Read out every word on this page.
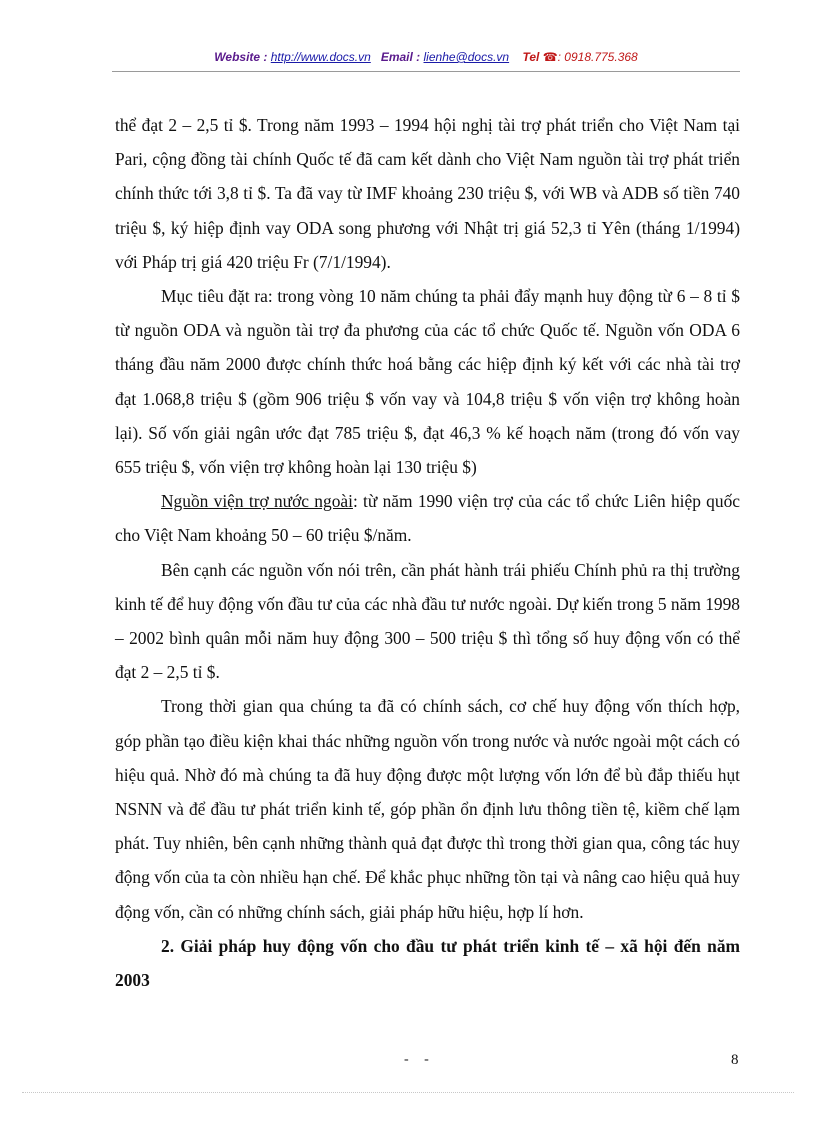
Website : http://www.docs.vn Email : lienhe@docs.vn Tel ☎: 0918.775.368

thể đạt 2 – 2,5 tỉ $. Trong năm 1993 – 1994 hội nghị tài trợ phát triển cho Việt Nam tại Pari, cộng đồng tài chính Quốc tế đã cam kết dành cho Việt Nam nguồn tài trợ phát triển chính thức tới 3,8 tỉ $. Ta đã vay từ IMF khoảng 230 triệu $, với WB và ADB số tiền 740 triệu $, ký hiệp định vay ODA song phương với Nhật trị giá 52,3 tỉ Yên (tháng 1/1994) với Pháp trị giá 420 triệu Fr (7/1/1994).

Mục tiêu đặt ra: trong vòng 10 năm chúng ta phải đẩy mạnh huy động từ 6 – 8 tỉ $ từ nguồn ODA và nguồn tài trợ đa phương của các tổ chức Quốc tế. Nguồn vốn ODA 6 tháng đầu năm 2000 được chính thức hoá bằng các hiệp định ký kết với các nhà tài trợ đạt 1.068,8 triệu $ (gồm 906 triệu $ vốn vay và 104,8 triệu $ vốn viện trợ không hoàn lại). Số vốn giải ngân ước đạt 785 triệu $, đạt 46,3 % kế hoạch năm (trong đó vốn vay 655 triệu $, vốn viện trợ không hoàn lại 130 triệu $)

Nguồn viện trợ nước ngoài: từ năm 1990 viện trợ của các tổ chức Liên hiệp quốc cho Việt Nam khoảng 50 – 60 triệu $/năm.

Bên cạnh các nguồn vốn nói trên, cần phát hành trái phiếu Chính phủ ra thị trường kinh tế để huy động vốn đầu tư của các nhà đầu tư nước ngoài. Dự kiến trong 5 năm 1998 – 2002 bình quân mỗi năm huy động 300 – 500 triệu $ thì tổng số huy động vốn có thể đạt 2 – 2,5 tỉ $.

Trong thời gian qua chúng ta đã có chính sách, cơ chế huy động vốn thích hợp, góp phần tạo điều kiện khai thác những nguồn vốn trong nước và nước ngoài một cách có hiệu quả. Nhờ đó mà chúng ta đã huy động được một lượng vốn lớn để bù đắp thiếu hụt NSNN và để đầu tư phát triển kinh tế, góp phần ổn định lưu thông tiền tệ, kiềm chế lạm phát. Tuy nhiên, bên cạnh những thành quả đạt được thì trong thời gian qua, công tác huy động vốn của ta còn nhiều hạn chế. Để khắc phục những tồn tại và nâng cao hiệu quả huy động vốn, cần có những chính sách, giải pháp hữu hiệu, hợp lí hơn.

2. Giải pháp huy động vốn cho đầu tư phát triển kinh tế – xã hội đến năm 2003

- -	8
